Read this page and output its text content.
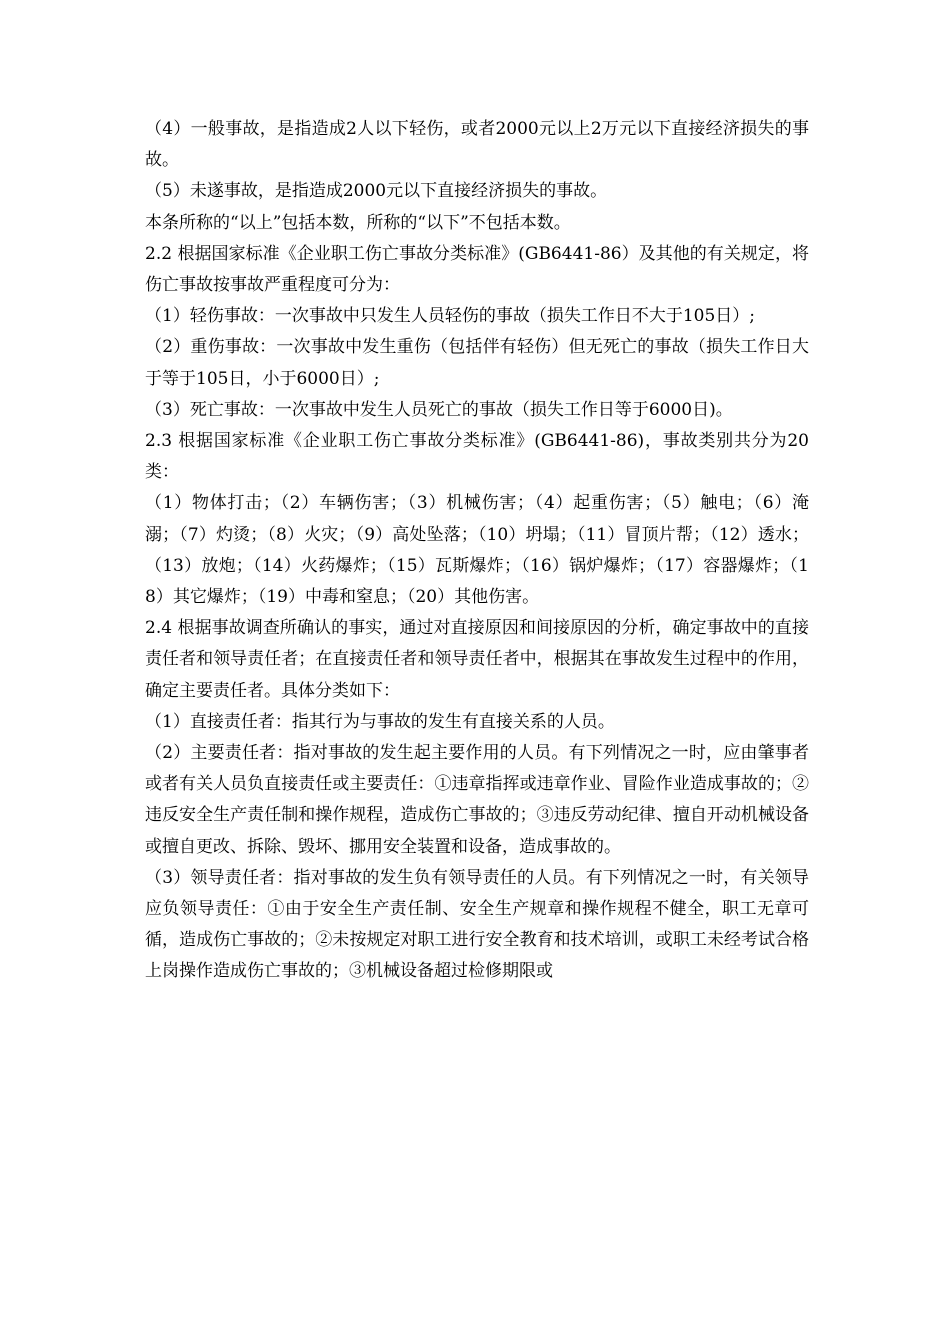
（4）一般事故，是指造成2人以下轻伤，或者2000元以上2万元以下直接经济损失的事故。

（5）未遂事故，是指造成2000元以下直接经济损失的事故。

本条所称的“以上”包括本数，所称的“以下”不包括本数。

2.2 根据国家标准《企业职工伤亡事故分类标准》(GB6441-86）及其他的有关规定，将伤亡事故按事故严重程度可分为：

（1）轻伤事故：一次事故中只发生人员轻伤的事故（损失工作日不大于105日）;

（2）重伤事故：一次事故中发生重伤（包括伴有轻伤）但无死亡的事故（损失工作日大于等于105日，小于6000日）;

（3）死亡事故：一次事故中发生人员死亡的事故（损失工作日等于6000日)。

2.3 根据国家标准《企业职工伤亡事故分类标准》(GB6441-86)，事故类别共分为20类：

（1）物体打击；（2）车辆伤害；（3）机械伤害；（4）起重伤害；（5）触电；（6）淹溺；（7）灼烫；（8）火灾；（9）高处坠落；（10）坍塌；（11）冒顶片帮；（12）透水；（13）放炮；（14）火药爆炸；（15）瓦斯爆炸；（16）锅炉爆炸；（17）容器爆炸；（18）其它爆炸；（19）中毒和窒息；（20）其他伤害。

2.4 根据事故调查所确认的事实，通过对直接原因和间接原因的分析，确定事故中的直接责任者和领导责任者；在直接责任者和领导责任者中，根据其在事故发生过程中的作用，确定主要责任者。具体分类如下：

（1）直接责任者：指其行为与事故的发生有直接关系的人员。

（2）主要责任者：指对事故的发生起主要作用的人员。有下列情况之一时，应由肇事者或者有关人员负直接责任或主要责任：①违章指挥或违章作业、冒险作业造成事故的；②违反安全生产责任制和操作规程，造成伤亡事故的；③违反劳动纪律、擅自开动机械设备或擅自更改、拆除、毁坏、挪用安全装置和设备，造成事故的。

（3）领导责任者：指对事故的发生负有领导责任的人员。有下列情况之一时，有关领导应负领导责任：①由于安全生产责任制、安全生产规章和操作规程不健全，职工无章可循，造成伤亡事故的；②未按规定对职工进行安全教育和技术培训，或职工未经考试合格上岗操作造成伤亡事故的；③机械设备超过检修期限或
